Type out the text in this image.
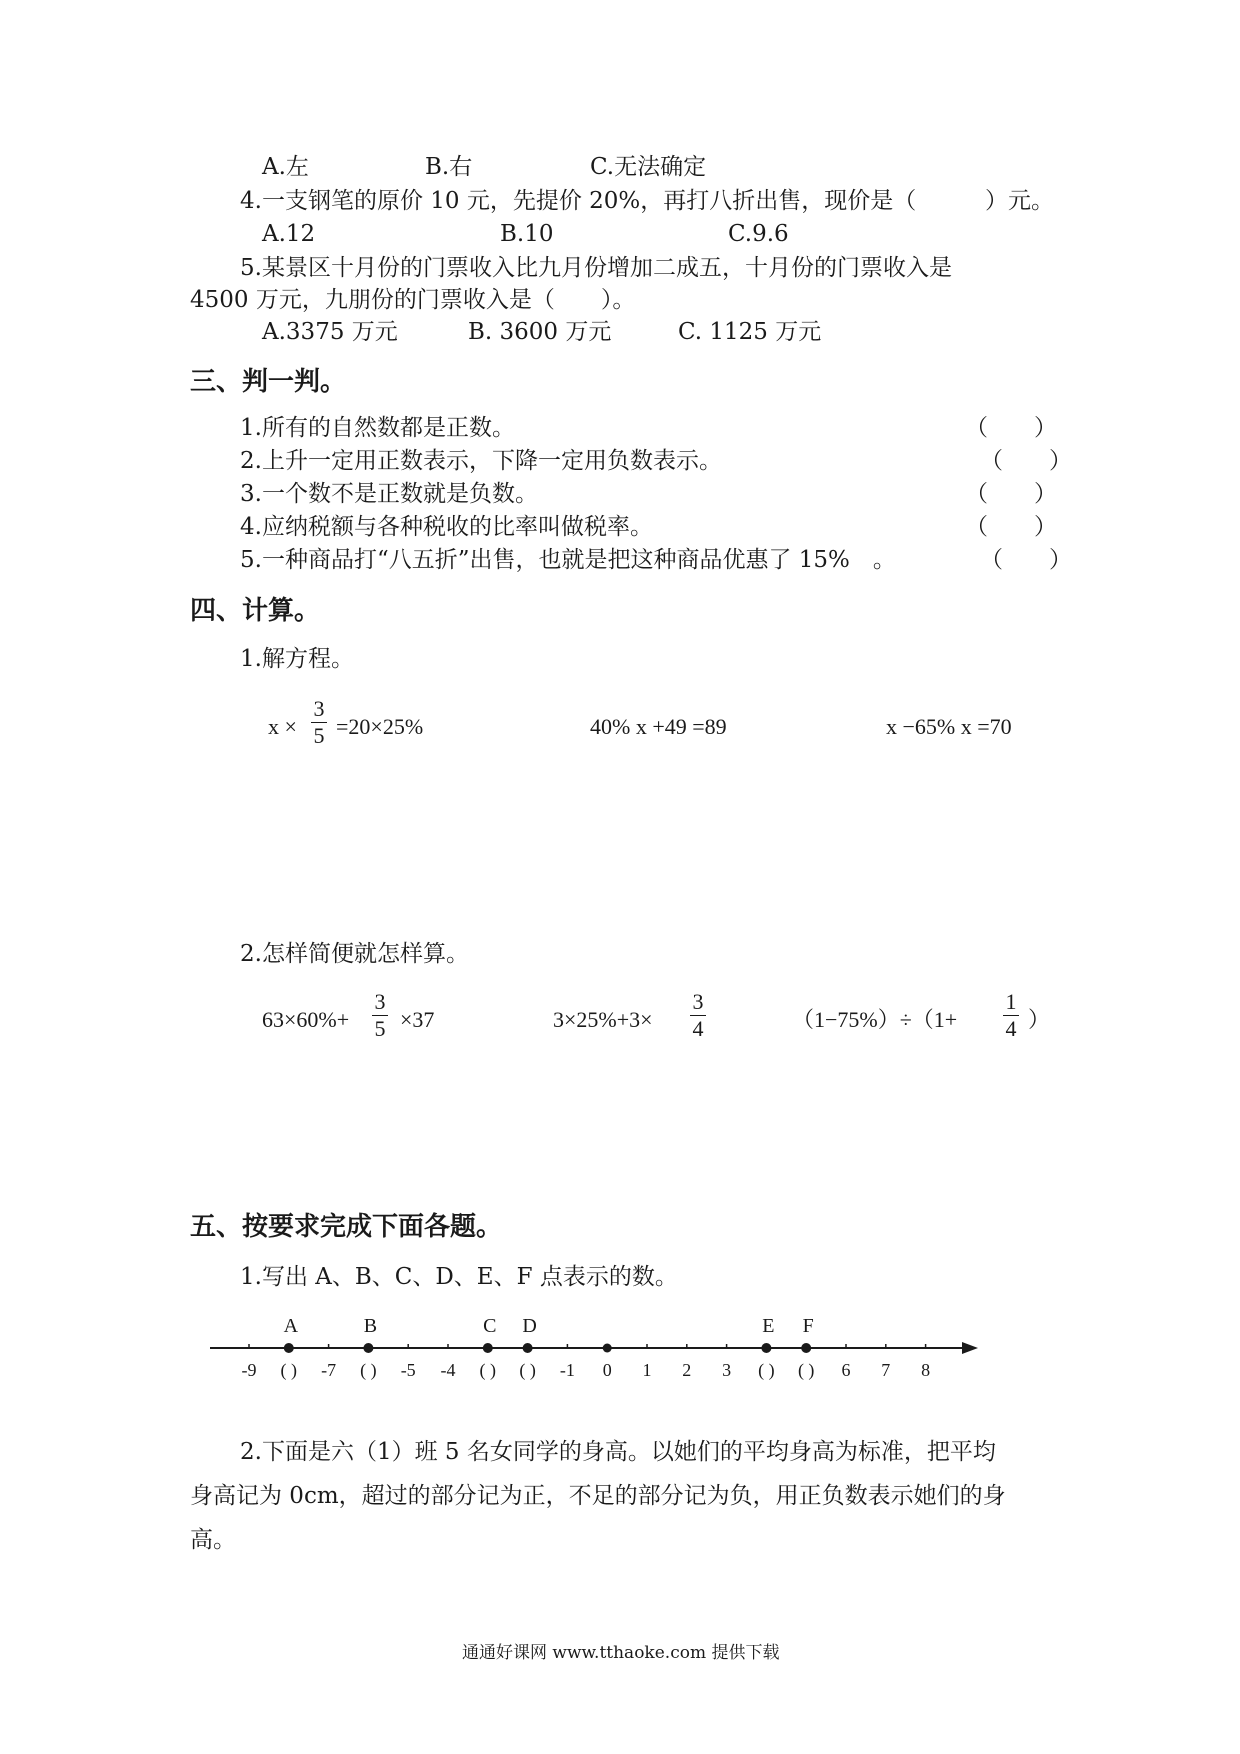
A.左	B.右	C.无法确定
4.一支钢笔的原价 10 元，先提价 20%，再打八折出售，现价是（	）元。
A.12	B.10	C.9.6
5.某景区十月份的门票收入比九月份增加二成五，十月份的门票收入是
4500 万元，九朋份的门票收入是（　　）。
A.3375 万元	B. 3600 万元	C. 1125 万元
三、判一判。
1.所有的自然数都是正数。	（　　）
2.上升一定用正数表示，下降一定用负数表示。	（　　）
3.一个数不是正数就是负数。	（　　）
4.应纳税额与各种税收的比率叫做税率。	（　　）
5.一种商品打“八五折”出售，也就是把这种商品优惠了 15%　。	（　　）
四、计算。
1.解方程。
x ×
3
5 =20×25%	40% x +49 =89	x −65% x =70
2.怎样简便就怎样算。
63×60%+
3
5 ×37	3×25%+3×
3
4	（1−75%）÷（1+
1
4 ）
五、按要求完成下面各题。
1.写出 A、B、C、D、E、F 点表示的数。
-9 ( ) -7 ( ) -5 -4 ( ) ( ) -1 0 1 2 3 ( ) ( ) 6 7 8
A	B	C D	E F
2.下面是六（1）班 5 名女同学的身高。以她们的平均身高为标准，把平均
身高记为 0cm，超过的部分记为正，不足的部分记为负，用正负数表示她们的身
高。
通通好课网 www.tthaoke.com 提供下载
